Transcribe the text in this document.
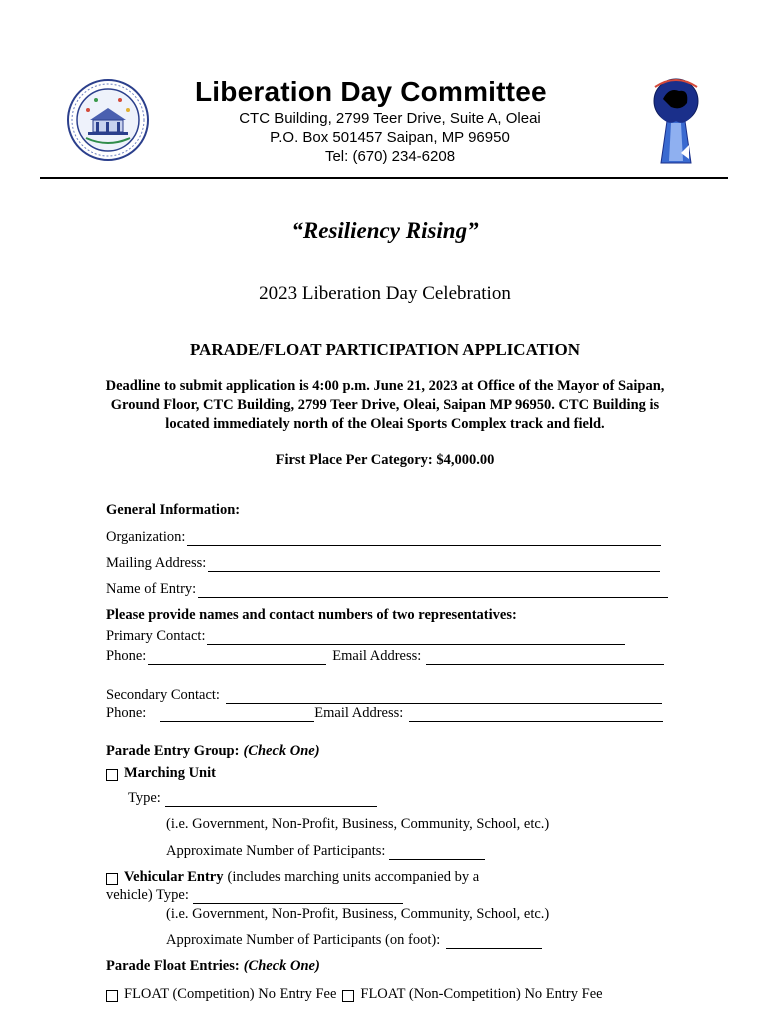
Liberation Day Committee
CTC Building, 2799 Teer Drive, Suite A, Oleai
P.O. Box 501457 Saipan, MP 96950
Tel: (670) 234-6208
“Resiliency Rising”
2023 Liberation Day Celebration
PARADE/FLOAT PARTICIPATION APPLICATION
Deadline to submit application is 4:00 p.m. June 21, 2023 at Office of the Mayor of Saipan, Ground Floor, CTC Building, 2799 Teer Drive, Oleai, Saipan MP 96950. CTC Building is located immediately north of the Oleai Sports Complex track and field.
First Place Per Category: $4,000.00
General Information:
Organization:
Mailing Address:
Name of Entry:
Please provide names and contact numbers of two representatives:
Primary Contact:
Phone:	Email Address:
Secondary Contact:
Phone:	Email Address:
Parade Entry Group: (Check One)
Marching Unit
Type:
(i.e. Government, Non-Profit, Business, Community, School, etc.)
Approximate Number of Participants:
Vehicular Entry (includes marching units accompanied by a
vehicle) Type:
(i.e. Government, Non-Profit, Business, Community, School, etc.)
Approximate Number of Participants (on foot):
Parade Float Entries: (Check One)
FLOAT (Competition) No Entry Fee FLOAT (Non-Competition) No Entry Fee
